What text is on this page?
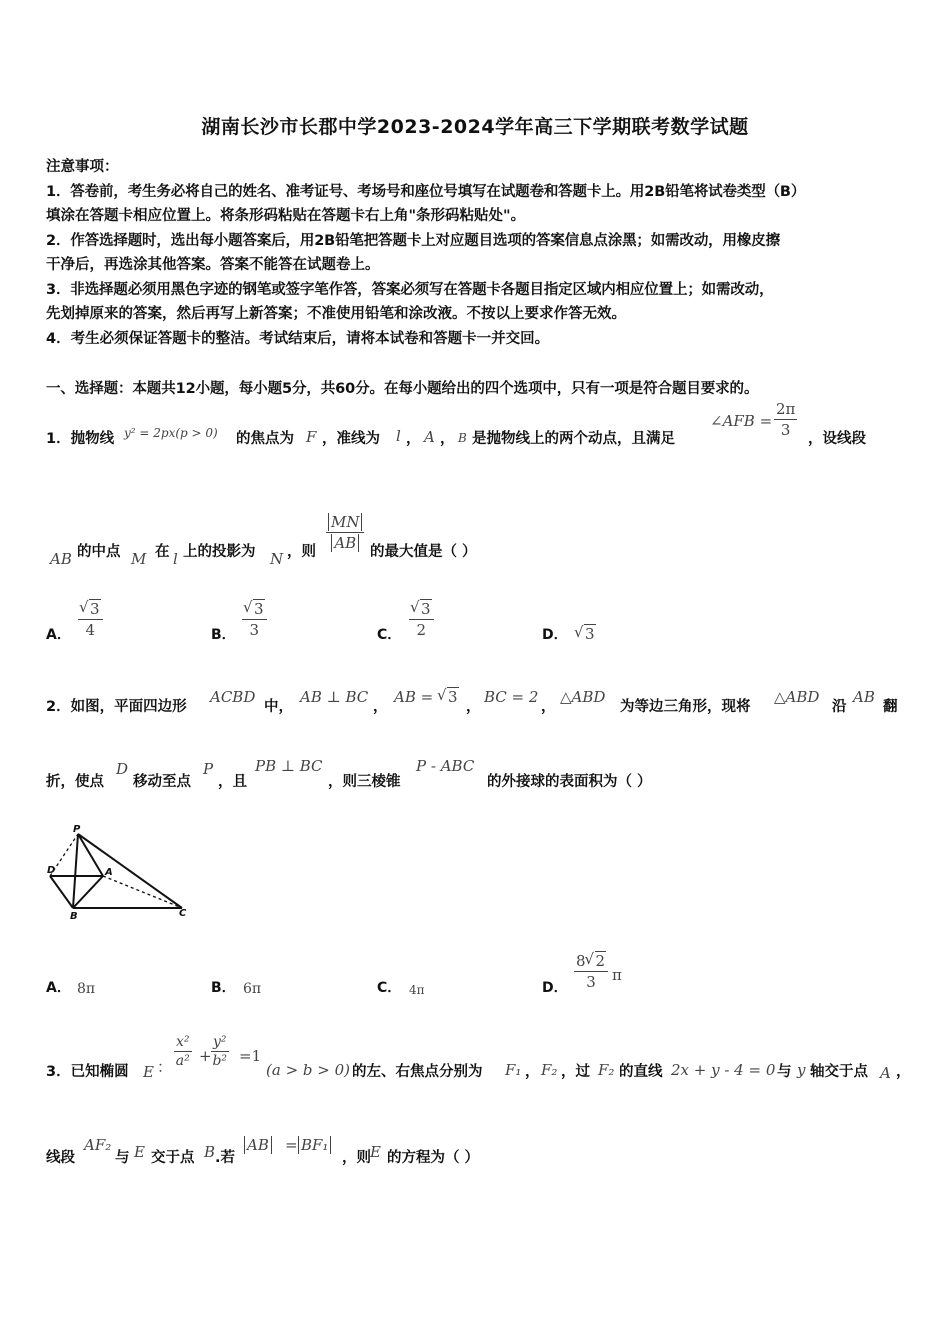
湖南长沙市长郡中学2023-2024学年高三下学期联考数学试题
注意事项：
1．答卷前，考生务必将自己的姓名、准考证号、考场号和座位号填写在试题卷和答题卡上。用2B铅笔将试卷类型（B）
填涂在答题卡相应位置上。将条形码粘贴在答题卡右上角"条形码粘贴处"。
2．作答选择题时，选出每小题答案后，用2B铅笔把答题卡上对应题目选项的答案信息点涂黑；如需改动，用橡皮擦
干净后，再选涂其他答案。答案不能答在试题卷上。
3．非选择题必须用黑色字迹的钢笔或签字笔作答，答案必须写在答题卡各题目指定区域内相应位置上；如需改动，
先划掉原来的答案，然后再写上新答案；不准使用铅笔和涂改液。不按以上要求作答无效。
4．考生必须保证答题卡的整洁。考试结束后，请将本试卷和答题卡一并交回。
一、选择题：本题共12小题，每小题5分，共60分。在每小题给出的四个选项中，只有一项是符合题目要求的。
1．抛物线 y² = 2px(p > 0) 的焦点为 F ，准线为 l ， A ， B 是抛物线上的两个动点，且满足
∠AFB = $\frac{2\pi}{3}$ ，设线段
AB 的中点 M 在 l 上的投影为 N ，则 $\frac{MN}{AB}$ 的最大值是（ ）
A． √ $\frac{3}{4}$	B． √ $\frac{3}{3}$	C． √ $\frac{3}{2}$	D．	√ 3
2．如图，平面四边形
ACBD
中，
AB ⊥ BC
，
AB = √ 3
，
BC = 2
，
△ABD
为等边三角形，现将
△ABD
沿
AB
翻
折，使点
D
移动至点
P
，且
PB ⊥ BC
，则三棱锥
P - ABC
的外接球的表面积为（ ）
P
D	A
B	C
A． 8π	B． 6π	C． 4π	D． $\frac{8 √ 2}{3}$ π
3．已知椭圆 E ： $\frac{\text{x²}}{\text{a²}} + \frac{\text{y²}}{\text{b²}} =1$
(a > b > 0) 的左、右焦点分别为 F₁ ， F₂ ，过 F₂ 的直线 2x + y - 4 = 0 与 y 轴交于点 A ，
线段
AF₂
与 E 交于点 B .若
AB = BF₁
，则 E 的方程为（ ）
